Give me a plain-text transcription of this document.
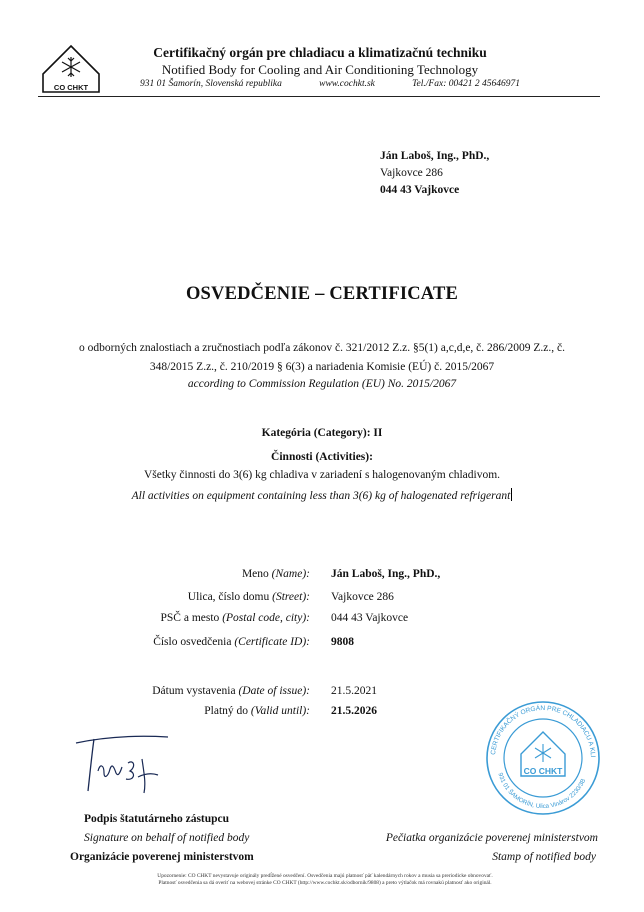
CO CHKT
Certifikačný orgán pre chladiacu a klimatizačnú techniku
Notified Body for Cooling and Air Conditioning Technology
931 01 Šamorín, Slovenská republika	www.cochkt.sk	Tel./Fax: 00421 2 45646971
Ján Laboš, Ing., PhD.,
Vajkovce 286
044 43 Vajkovce
OSVEDČENIE – CERTIFICATE
o odborných znalostiach a zručnostiach podľa zákonov č. 321/2012 Z.z. §5(1) a,c,d,e, č. 286/2009 Z.z., č.
348/2015 Z.z., č. 210/2019 § 6(3) a nariadenia Komisie (EÚ) č. 2015/2067
according to Commission Regulation (EU) No. 2015/2067
Kategória (Category): II
Činnosti (Activities):
Všetky činnosti do 3(6) kg chladiva v zariadení s halogenovaným chladivom.
All activities on equipment containing less than 3(6) kg of halogenated refrigerant
Meno (Name): Ján Laboš, Ing., PhD.,
Ulica, číslo domu (Street): Vajkovce 286
PSČ a mesto (Postal code, city): 044 43 Vajkovce
Číslo osvedčenia (Certificate ID): 9808
Dátum vystavenia (Date of issue): 21.5.2021
Platný do (Valid until): 21.5.2026
Podpis štatutárneho zástupcu
Signature on behalf of notified body
Organizácie poverenej ministerstvom
Pečiatka organizácie poverenej ministerstvom
Stamp of notified body
CERTIFIKAČNÝ ORGÁN PRE CHLADIACU A KLI
931 01 ŠAMORÍN, Ulica Vinárov 2230/3B
CO CHKT
Upozornenie: CO CHKT nevystavuje originály predĺžené osvedčení. Osvedčenia majú platnosť päť kalendárnych rokov a musia sa preriodicke obnovovať.
Platnosť osvedčenia sa dá overiť na webovej stránke CO CHKT (http://www.cochkt.sk/odbornik/9808) a preto výtlačok má rovnakú platnosť ako originál.
